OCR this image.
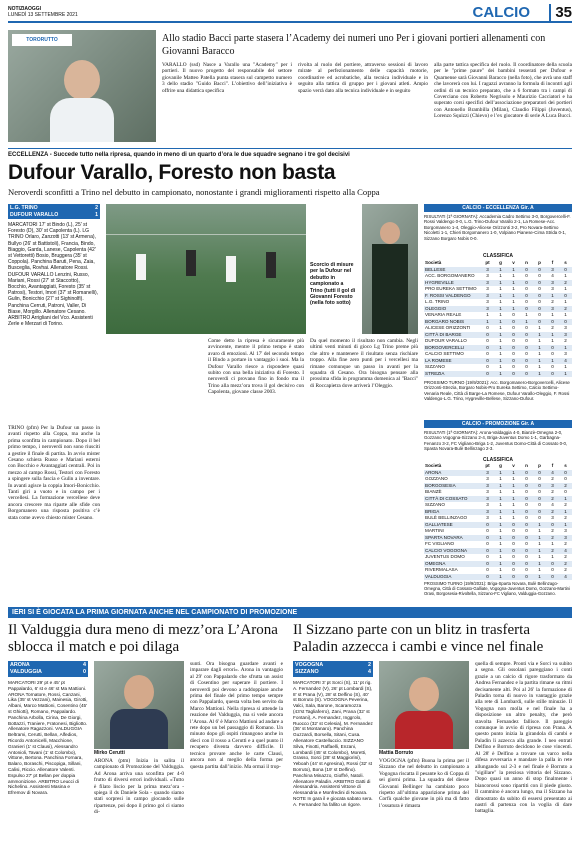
NOTIZIAOGGI
LUNEDÌ 13 SETTEMBRE 2021	CALCIO	35
TORORUTTO	Allo stadio Bacci parte stasera l’Academy dei numeri uno Per i giovani portieri allenamenti con Giovanni Baracco
VARALLO (ssd) Nasce a Varallo una "Academy" per i portieri. Il nuovo progetto del responsabile del settore giovanile Matteo Patella punta stasera sul campetto numero 3 dello stadio "Guido Bacci". L’obiettivo dell’iniziativa è offrire una didattica specifica
rivolta al ruolo del portiere, attraverso sessioni di lavoro mirate al perfezionamento delle capacità motorie, coordinative ed acrobatiche, alla tecnica individuale e in seguito alla tattica di gruppo per i giovani atleti. Ampio spazio verrà dato alla tecnica individuale e in seguito
alla parte tattica specifica del ruolo. Il coordinatore della scuola per le "prime paure" dei bambini tesserati per Dufour e Quarnense sarà Giovanni Baracco (nella foto), che avrà uno staff che lavorerà con lui. I ragazzi avranno la formula di incontri agli ordini di un tecnico preparato, che a 6 formato tra i campi di Coverciano con Roberto Negrisolo e Maurizio Cacciatori e ha superato corsi specifici dell’associazione preparatori dei portieri con Antonello Brambilla (Milan), Claudio Filippi (Juventus), Lorenzo Squizzi (Chievo) e l’ex giocatore di serie A Luca Bucci.
ECCELLENZA - Succede tutto nella ripresa, quando in meno di un quarto d’ora le due squadre segnano i tre gol decisivi
Dufour Varallo, Foresto non basta
Neroverdi sconfitti a Trino nel debutto in campionato, nonostante i grandi miglioramenti rispetto alla Coppa
L.G. TRINO	2
DUFOUR VARALLO	1
MARCATORI 17' st Bindo (L), 25' st Foresto (D), 30' st Capolenta (L). LG TRINO Orlaro, Zanzotti (13' st Armena), Bullyo (26' st Battistoli), Francia, Bindo, Biaggio, Garda, Lanese, Capolenta (42' st Vettoretti) Bosio, Bruggera (35' st Coppola). Panchina Baruti, Pena, Zaia, Busceglia, Rovhai. Allenatore Rossi. DUFOUR VARALLO Lenzini, Russo, Mariani, Rossi (27' st Staccotto), Bocchio, Avantaggiati, Foresto (35' st Patrosi), Testori, Imori (37' st Romanelli), Gulin, Bonicchio (27' st Sighinolfi). Panchina Cerruti, Patroni, Valler, Di Biase, Morgillo. Allenatore Cesano. ARBITRO Arrigliani del Vco. Assistenti Zerle e Merzari di Torino.
TRINO (pfm) Per la Dufour un passo in avanti rispetto alla Coppa, ma anche la prima sconfitta in campionato. Dopo il bel primo tempo, i neroverdi non sono riusciti a gestire il finale di partita. In avvio mister Cesano schiera Russo e Mariani esterni con Bocchio e Avantaggiati centrali. Poi in mezzo al campo Rossi, Testori con Foresto a spingere sulla fascia e Gulin a inventare. In avanti agisce la coppia Imori-Bonicchio. Tanti giri a vuoto e in campo per i vercellesi. La formazione vercellese deve ancora crescere ma riparte alle sfide con Borgomanero una risposta positiva c’è stata come avevo chiesto mister Cesano.
Scorcio di misure per la Dufour nel debutto in campionato a Trino (tutti il gol di Giovanni Foresto (nella foto sotto)
Come detto la ripresa è sicuramente più avvincente, mentre il primo tempo è stato avaro di emozioni. Al 17' del secondo tempo il Bindo a portare in vantaggio i suoi. Ma la Dufour Varallo riesce a rispondere quasi subito con una bella iniziativa di Foresto. I neroverdi ci provano fino in fondo ma il Trino alla mezz’ora trova il gol decisivo con Capolenta, giovane classe 2003.
Da quel momento il risultato non cambia. Negli ultimi venti minuti di gioco Lg Trino preme più che altro e mantenere il risultato senza rischiare troppo. Alla fine zero punti per i vercellesi ma rimane comunque un passo in avanti per la squadra di Cesano. Ora bisogna pensare alla prossima sfida in programma domenica al "Bacci" di Roccapietra dove arriverà l’Oleggio.
CALCIO - ECCELLENZA Gir. A
RISULTATI (1ª GIORNATA): Accademia Cadro Settimo 3-0, Borgovercelli-F. Rossi Valdengo 0-0, L.G. Trino-Dufour Varallo 2-1, La Romese-Acc. Borgomanero 1-4, Oleggio-Alicese Orizzonti 3-2, Pro Novara-Settimo Nicoletti 1-1, Chieri Borgomanero 1-0, Volpiano Pianese-Cima Strida 0-1, Sizzano Borgaro Nobis 0-0.
CLASSIFICA
Società	pt	g	v	n	p	f	s
BELLESE	3	1	1	0	0	3	0
ACC. BORGOMANERO	3	1	1	0	0	4	1
HYGREVILLE	3	1	1	0	0	3	2
PRO EUREKA SETTIMO	3	1	1	0	0	3	1
F. ROSSI VALDENGO	3	1	1	0	0	1	0
L.G. TRINO	3	1	1	0	0	2	1
OLEGGIO	3	1	1	0	0	3	2
VENARIA REALE	1	1	0	1	0	1	1
BORGARO NOBIS	1	1	0	1	0	0	0
ALICESE ORIZZONTI	0	1	0	0	1	2	3
CITTÀ DI BARGE	0	1	0	0	1	1	3
DUFOUR VARALLO	0	1	0	0	1	1	2
BORGOVERCELLI	0	1	0	0	1	0	1
CALCIO SETTIMO	0	1	0	0	1	0	3
LA ROMESE	0	1	0	0	1	1	4
SIZZANO	0	1	0	0	1	0	1
STREZIA	0	1	0	0	1	0	1
PROSSIMO TURNO (19/9/2021): Acc. Borgomanero-Borgovercelli, Alicese Orizzonti-Strezia, Borgaro Nobis-Pro Eureka Settimo, Calcio Settimo-Venaria Reale, Città di Barge-La Romese, Dufour Varallo-Oleggio, F. Rossi Valdengo-L.G. Trino, Hygreville-Bellese, Sizzano-Dufour.
CALCIO - PROMOZIONE Gir. A
RISULTATI (1ª GIORNATA): Arona-Valdaggia 4-0, Bianzè-Omegna 2-0, Gozzano Vogogna-Sizzano 2-4, Briga-Juventus Domo 1-1, Garbagna-Fenanzo 3-2, FC Vigliano-Briga 1-2, Juventus Domo-Città di Cossato 0-0, Spasta Novara-Bulè Bellinzago 2-3.
CLASSIFICA
Società	pt	g	v	n	p	f	s
ARONA	3	1	1	0	0	4	0
GOZZANO	3	1	1	0	0	2	0
BORGOSESIA	3	1	1	0	0	3	2
BIANZÈ	3	1	1	0	0	2	0
CITTÀ DI COSSATO	3	1	1	0	0	2	1
SIZZANO	3	1	1	0	0	4	2
BRIGA	3	1	1	0	0	2	1
BULÈ BELLINZAGO	3	1	1	0	0	3	2
GALLIATESE	0	1	0	0	1	0	1
MARTINI	0	1	0	0	1	2	3
SPARTA NOVARA	0	1	0	0	1	2	3
FC VIGLIANO	0	1	0	0	1	1	2
CALCIO VOGOGNA	0	1	0	0	1	2	4
JUVENTUS DOMO	0	1	0	0	1	1	2
OMEGNA	0	1	0	0	1	0	2
RIVERMALASA	0	1	0	0	1	0	2
VALDUGGIA	0	1	0	0	1	0	4
PROSSIMO TURNO (19/9/2021): Briga-Sparta Novara, Bulè Bellinzago-Omegna, Città di Cossato-Galliate, Vogogna-Juventus Domo, Gozzano-Martini Orasi, Borgosesia-Rivoltella, Sizzano-FC Vigliano, Valduggia-Gozzano.
IERI SI È GIOCATA LA PRIMA GIORNATA ANCHE NEL CAMPIONATO DI PROMOZIONE
Il Valduggia dura meno di mezz’ora L’Arona sblocca il match e poi dilaga
ARONA	4
VALDUGGIA	0
MARCATORI 29' pt e 45' pt Pappalardo, 6' st e 46' st Ma Mattioni. ARONA Tornatore, Rossi, Canzani, Lika (35' st Vezzani), Mainesia, Girotti, Albani, Marco Mattioni, Cosentino (45' st Ghiotti), Romano, Pappalardo. Panchina Arbolla, Cirina, De Giorgi, Bottazzi, Traniere, Fratonesi, Bigliotto. Allenatore Ragazzoni. VALDUGGIA Beltrami, Cerutti, Bellan, Alfedios, Ricordo Antonicelli, Macchione, Granieri (1' st Clausi), Alessandro Antonioli, Tavani (1' st Colombo), Vittone, Bertona. Panchina Fornara, Balaro, Boraschi, Piscopiga, Sillani, Calisi, Riccio. Allenatore Valenti. Espulso 27' pt Bellan per doppia ammonizione. ARBITRO Leucci di Nichelino. Assistenti Masina e Efremov di Novara.
Mirko Cerutti
ARONA (ptm) Inizia in salita il campionato di Promozione del Valduggia. Ad Arona arriva una sconfitta per 4-0 frutto di diversi errori individuali. «Tutto è filato liscio per la prima mezz’ora - spiega il ds Daniele Sola - quando siamo stati sorpresi in campo giocando sulle ripartenze, poi dopo il primo gol ci siamo di-
sunti. Ora bisogna guardare avanti e imparare dagli errori». Arona in vantaggio al 29' con Pappalardo che sfrutta un assist di Cosentino per superare il portiere. I neroverdi poi devono a raddoppiare anche prima del finale del primo tempo sempre con Pappalardo, questa volta ben servito da Marco Mattioni. Nella ripresa si attende la reazione del Valduggia, ma si vede ancora l’Arona. Al 6' è Marco Mattioni ad andare a rete dopo un bel passaggio di Romano. Un minuto dopo gli ospiti rimangono anche in dieci con il rosso a Cerutti e a quel punto il recupero diventa davvero difficile. Il tecnico provare anche le carte Clausi, ancora non al meglio della forma per questa partita dall’inizio. Ma ormai il trop-
Il Sizzano parte con un blitz in trasferta Paladin azzecca i cambi e vince nel finale
VOGOGNA	2
SIZZANO	4
MARCATORI 3' pt Sorci (S), 11' pt rig. A. Fernandez (V), 26' pt Lombardi (S), 8' st Prana (V), 28' st Delfino (S), 40' st Borruto (S). VOGOGNA Peverina, Valci, Sala, Barone, Scaramozza (43'st Tagliaferro), Zani, Prana (32' st Fontani), A. Fernandez, Inggrolo, Ruocco (32' st Celesia), M. Fernandez (36' st Montanaro). Panchina Guzzardi, Borsella, Sitani, Cusa. Allenatore Castelluccio. SIZZANO Silva, Finotti, Raffaelli, Enzani, Lombardi (45' st Colombo), Moretti, Grasso, Sorci (28' st Maggiorini), Yeboah (44' st Agresina), Rossi (32' st Borruto), Bona (19' st Delfino). Panchina Minazzo, Gioffré, Natoli. Allenatore Paladin. ARBITRO Gatti di Alessandria. Assistenti Vittone di Alessandria e Monfredini di Novara. NOTE In gara il e giocata sabato sera. A. Fernandez ha fallito un rigore.
Mattia Borruto
VOGOGNA (pfm) Buona la prima per il Sizzano che nel debutto in campionato a Vogogna riscatta il pesante ko di Coppa di sei giorni prima. La squadra del diesse Giovanni Bellinger ha cambiato poco rispetto all’ultima apparizione prima del Corfù qualche giovane in più ma di fatto l’ossatura è rimasta
quella di sempre. Pronti via e Sorci va subito a segno. Gli ossolani pareggiano i conti grazie a un calcio di rigore trasformato da Andrea Fernandez e la partita rimane su ritmi decisamente alti. Poi al 26' la formazione di Paladin torna di nuovo in vantaggio grazie alla rete di Lombardi, sulle stille minuzie. Il Vogogna non molla e nel finale ha a disposizione un altro penalty, che però stavolta Fernandez fallisce. Il pareggio comunque in avvio di ripresa con Prana. A questo punto inizia la girandola di cambi e Paladin li azzecca alla grande. I neo entrati Delfino e Borruto decidono le cose vincenti. Al 28' è Delfino a trovare un varco nella difesa avversaria e mandare la palla in rete allungando sul 2-3 e nel finale è Borruto a "sigillare" la preziosa vittoria del Sizzano. Dopo quasi un anno di stop finalmente i biancorossi sono ripartiti con il piede giusto. Il cammino è ancora lungo, ma il Sizzano ha dimostrato da subito di essersi presentato ai nastri di partenza con la voglia di dare battaglia.
